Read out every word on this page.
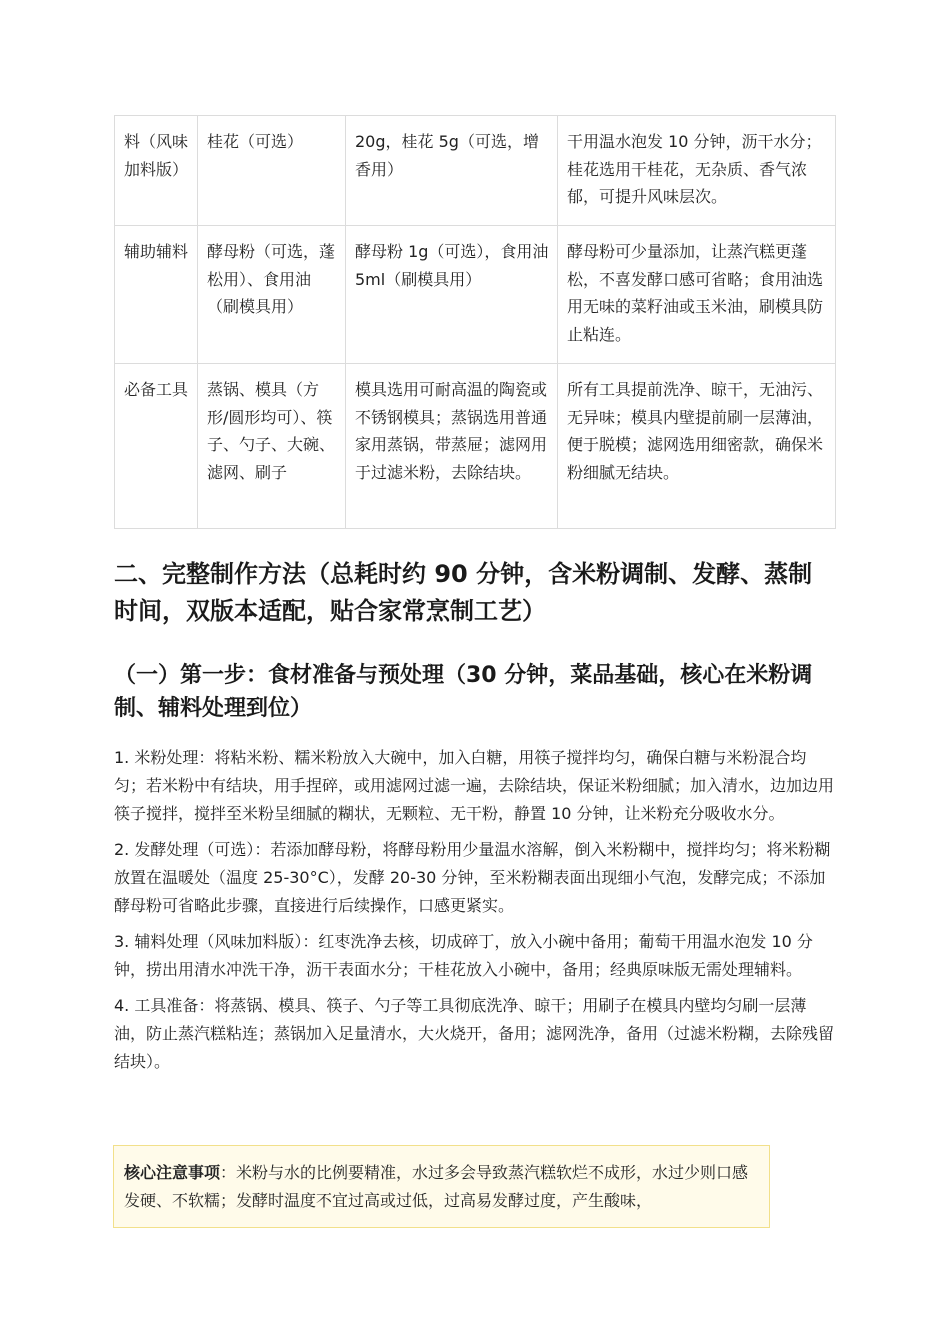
料（风味加料版）	桂花（可选）	20g，桂花 5g（可选，增香用）	干用温水泡发 10 分钟，沥干水分；桂花选用干桂花，无杂质、香气浓郁，可提升风味层次。
辅助辅料	酵母粉（可选，蓬松用）、食用油（刷模具用）	酵母粉 1g（可选），食用油 5ml（刷模具用）	酵母粉可少量添加，让蒸汽糕更蓬松，不喜发酵口感可省略；食用油选用无味的菜籽油或玉米油，刷模具防止粘连。
必备工具	蒸锅、模具（方形/圆形均可）、筷子、勺子、大碗、滤网、刷子	模具选用可耐高温的陶瓷或不锈钢模具；蒸锅选用普通家用蒸锅，带蒸屉；滤网用于过滤米粉，去除结块。	所有工具提前洗净、晾干，无油污、无异味；模具内壁提前刷一层薄油，便于脱模；滤网选用细密款，确保米粉细腻无结块。
二、完整制作方法（总耗时约 90 分钟，含米粉调制、发酵、蒸制时间，双版本适配，贴合家常烹制工艺）
（一）第一步：食材准备与预处理（30 分钟，菜品基础，核心在米粉调制、辅料处理到位）

1. 米粉处理：将粘米粉、糯米粉放入大碗中，加入白糖，用筷子搅拌均匀，确保白糖与米粉混合均匀；若米粉中有结块，用手捏碎，或用滤网过滤一遍，去除结块，保证米粉细腻；加入清水，边加边用筷子搅拌，搅拌至米粉呈细腻的糊状，无颗粒、无干粉，静置 10 分钟，让米粉充分吸收水分。

2. 发酵处理（可选）：若添加酵母粉，将酵母粉用少量温水溶解，倒入米粉糊中，搅拌均匀；将米粉糊放置在温暖处（温度 25-30°C），发酵 20-30 分钟，至米粉糊表面出现细小气泡，发酵完成；不添加酵母粉可省略此步骤，直接进行后续操作，口感更紧实。

3. 辅料处理（风味加料版）：红枣洗净去核，切成碎丁，放入小碗中备用；葡萄干用温水泡发 10 分钟，捞出用清水冲洗干净，沥干表面水分；干桂花放入小碗中，备用；经典原味版无需处理辅料。

4. 工具准备：将蒸锅、模具、筷子、勺子等工具彻底洗净、晾干；用刷子在模具内壁均匀刷一层薄油，防止蒸汽糕粘连；蒸锅加入足量清水，大火烧开，备用；滤网洗净，备用（过滤米粉糊，去除残留结块）。

核心注意事项：米粉与水的比例要精准，水过多会导致蒸汽糕软烂不成形，水过少则口感发硬、不软糯；发酵时温度不宜过高或过低，过高易发酵过度，产生酸味，
